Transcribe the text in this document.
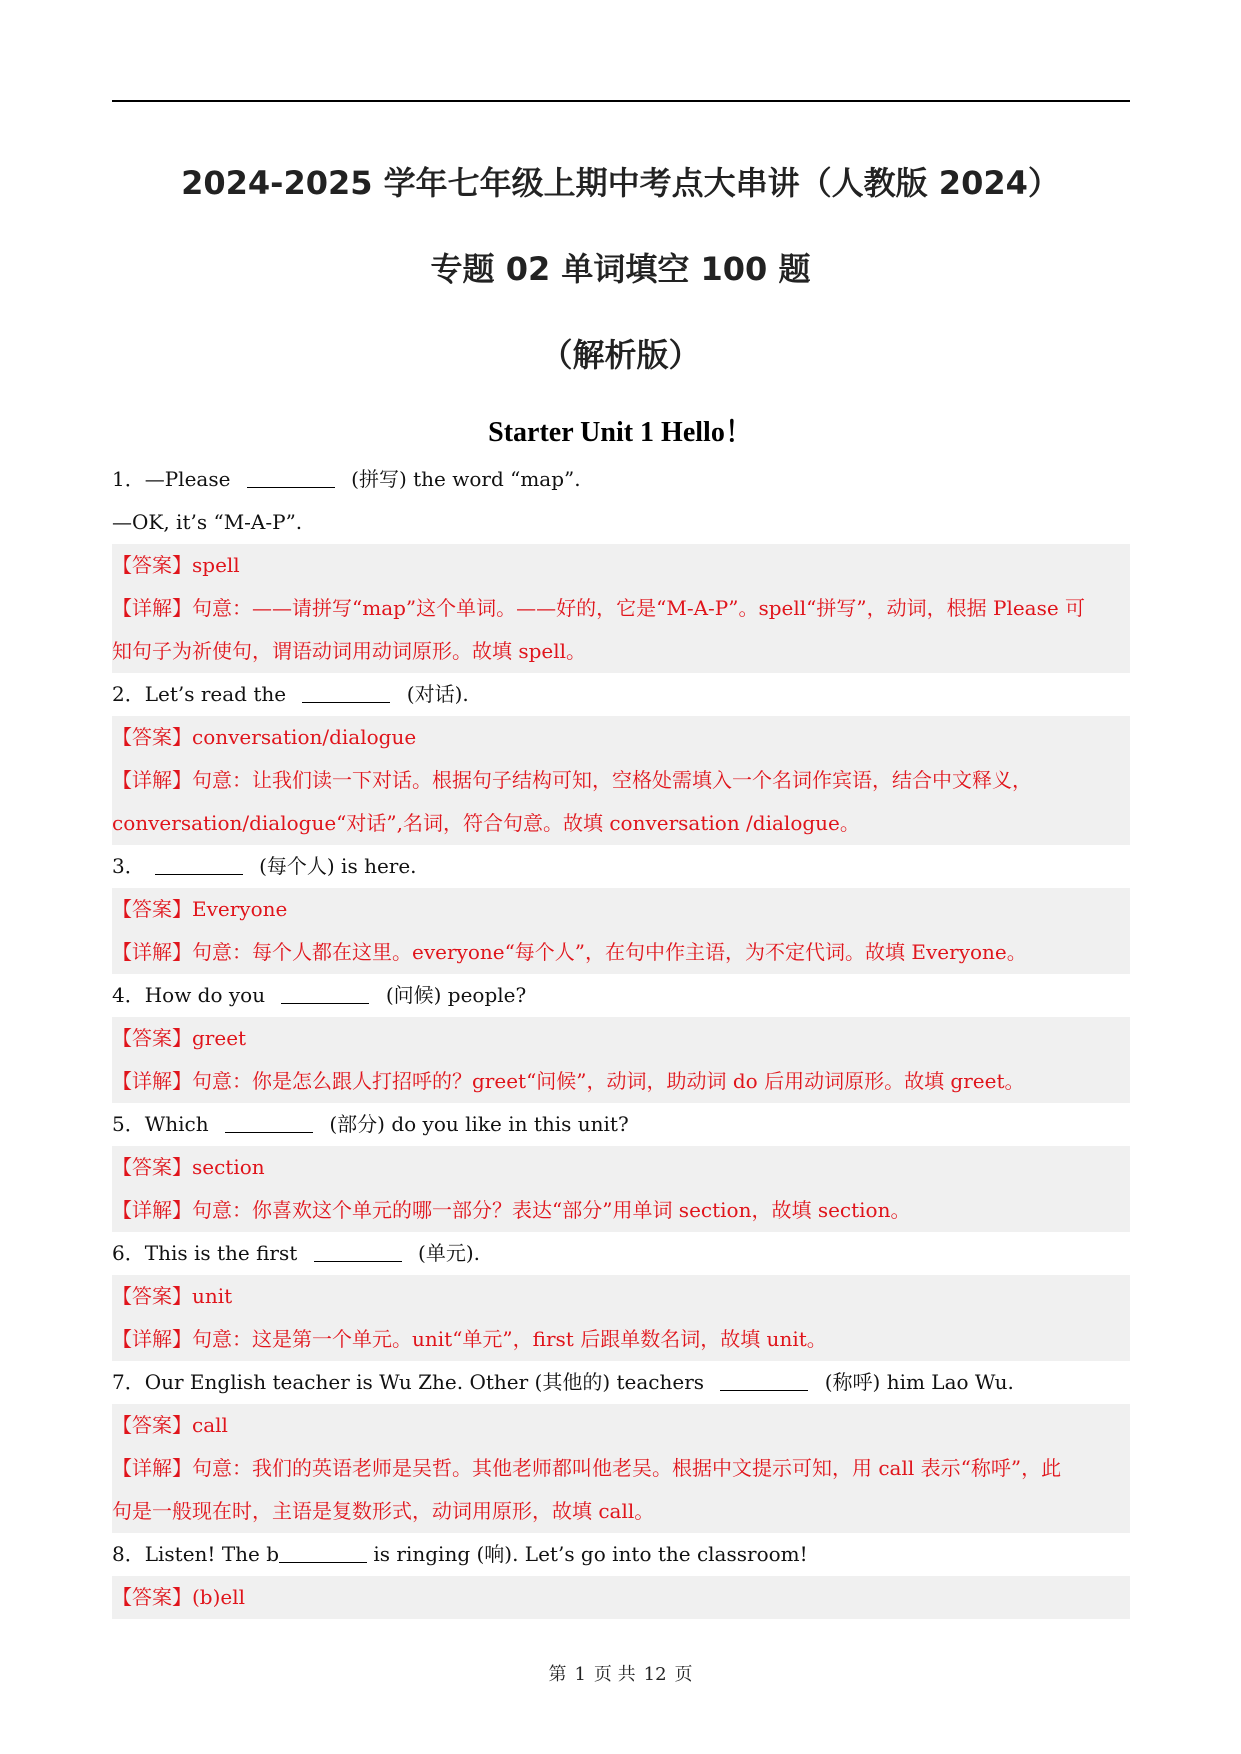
2024-2025 学年七年级上期中考点大串讲（人教版 2024）
专题 02 单词填空 100 题
（解析版）
Starter Unit 1 Hello！
1．—Please	(拼写) the word “map”.
—OK, it’s “M-A-P”.
【答案】spell
【详解】句意：——请拼写“map”这个单词。——好的，它是“M-A-P”。spell“拼写”，动词，根据 Please 可
知句子为祈使句，谓语动词用动词原形。故填 spell。
2．Let’s read the	(对话).
【答案】conversation/dialogue
【详解】句意：让我们读一下对话。根据句子结构可知，空格处需填入一个名词作宾语，结合中文释义，
conversation/dialogue“对话”,名词，符合句意。故填 conversation /dialogue。
3．	(每个人) is here.
【答案】Everyone
【详解】句意：每个人都在这里。everyone“每个人”，在句中作主语，为不定代词。故填 Everyone。
4．How do you	(问候) people?
【答案】greet
【详解】句意：你是怎么跟人打招呼的？greet“问候”，动词，助动词 do 后用动词原形。故填 greet。
5．Which	(部分) do you like in this unit?
【答案】section
【详解】句意：你喜欢这个单元的哪一部分？表达“部分”用单词 section，故填 section。
6．This is the first	(单元).
【答案】unit
【详解】句意：这是第一个单元。unit“单元”，first 后跟单数名词，故填 unit。
7．Our English teacher is Wu Zhe. Other (其他的) teachers	(称呼) him Lao Wu.
【答案】call
【详解】句意：我们的英语老师是吴哲。其他老师都叫他老吴。根据中文提示可知，用 call 表示“称呼”，此
句是一般现在时，主语是复数形式，动词用原形，故填 call。
8．Listen! The b	is ringing (响). Let’s go into the classroom!
【答案】(b)ell
第 1 页 共 12 页
